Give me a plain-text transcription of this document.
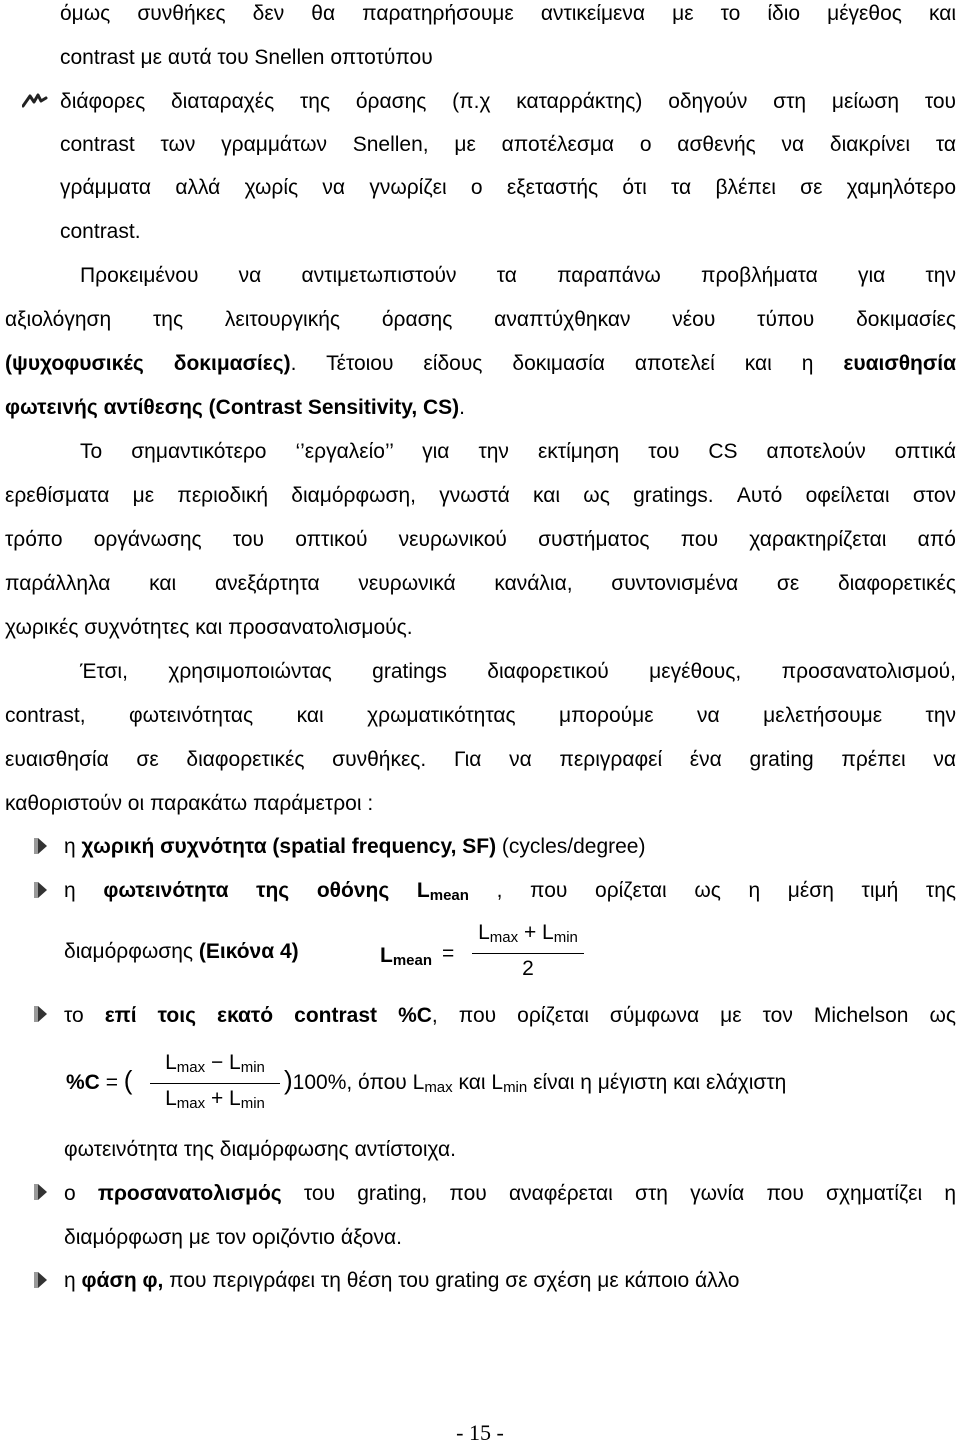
όμως συνθήκες δεν θα παρατηρήσουμε αντικείμενα με το ίδιο μέγεθος και
contrast με αυτά του Snellen οπτοτύπου
διάφορες διαταραχές της όρασης (π.χ καταρράκτης) οδηγούν στη μείωση του
contrast των γραμμάτων Snellen, με αποτέλεσμα ο ασθενής να διακρίνει τα
γράμματα αλλά χωρίς να γνωρίζει ο εξεταστής ότι τα βλέπει σε χαμηλότερο
contrast.
Προκειμένου να αντιμετωπιστούν τα παραπάνω προβλήματα για την
αξιολόγηση της λειτουργικής όρασης αναπτύχθηκαν νέου τύπου δοκιμασίες
(ψυχοφυσικές δοκιμασίες). Τέτοιου είδους δοκιμασία αποτελεί και η ευαισθησία
φωτεινής αντίθεσης (Contrast Sensitivity, CS).
Το σημαντικότερο ‘’εργαλείο’’ για την εκτίμηση του CS αποτελούν οπτικά
ερεθίσματα με περιοδική διαμόρφωση, γνωστά και ως gratings. Αυτό οφείλεται στον
τρόπο οργάνωσης του οπτικού νευρωνικού συστήματος που χαρακτηρίζεται από
παράλληλα και ανεξάρτητα νευρωνικά κανάλια, συντονισμένα σε διαφορετικές
χωρικές συχνότητες και προσανατολισμούς.
Έτσι, χρησιμοποιώντας gratings διαφορετικού μεγέθους, προσανατολισμού,
contrast, φωτεινότητας και χρωματικότητας μπορούμε να μελετήσουμε την
ευαισθησία σε διαφορετικές συνθήκες. Για να περιγραφεί ένα grating πρέπει να
καθοριστούν οι παρακάτω παράμετροι :
η χωρική συχνότητα (spatial frequency, SF) (cycles/degree)
η φωτεινότητα της οθόνης $L_{mean}$ , που ορίζεται ως η μέση τιμή της
διαμόρφωσης (Εικόνα 4)	$L_{mean}$ =
$L_{max} + L_{min}$
2
το επί τοις εκατό contrast %C, που ορίζεται σύμφωνα με τον Michelson ως
%C = (
$L_{max} - L_{min}$
$L_{max} + L_{min}$
)100%, όπου $L_{max}$ και $L_{min}$ είναι η μέγιστη και ελάχιστη
φωτεινότητα της διαμόρφωσης αντίστοιχα.
ο προσανατολισμός του grating, που αναφέρεται στη γωνία που σχηματίζει η
διαμόρφωση με τον οριζόντιο άξονα.
η φάση φ, που περιγράφει τη θέση του grating σε σχέση με κάποιο άλλο
- 15 -
